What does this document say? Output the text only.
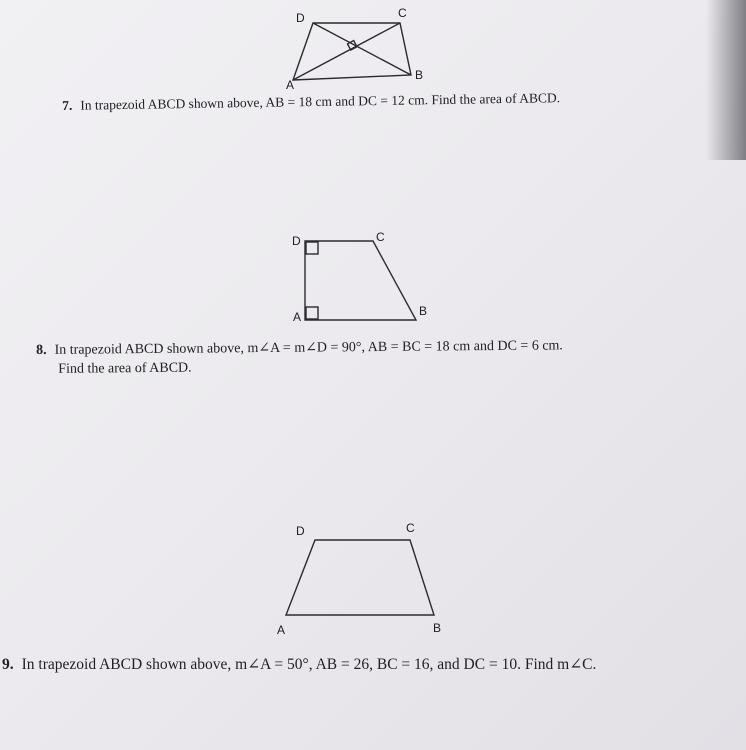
D	C
A
B
7. In trapezoid ABCD shown above, AB = 18 cm and DC = 12 cm. Find the area of ABCD.
D	C
A	B
8. In trapezoid ABCD shown above, m∠A = m∠D = 90°, AB = BC = 18 cm and DC = 6 cm.
Find the area of ABCD.
D	C
A	B
9. In trapezoid ABCD shown above, m∠A = 50°, AB = 26, BC = 16, and DC = 10. Find m∠C.
